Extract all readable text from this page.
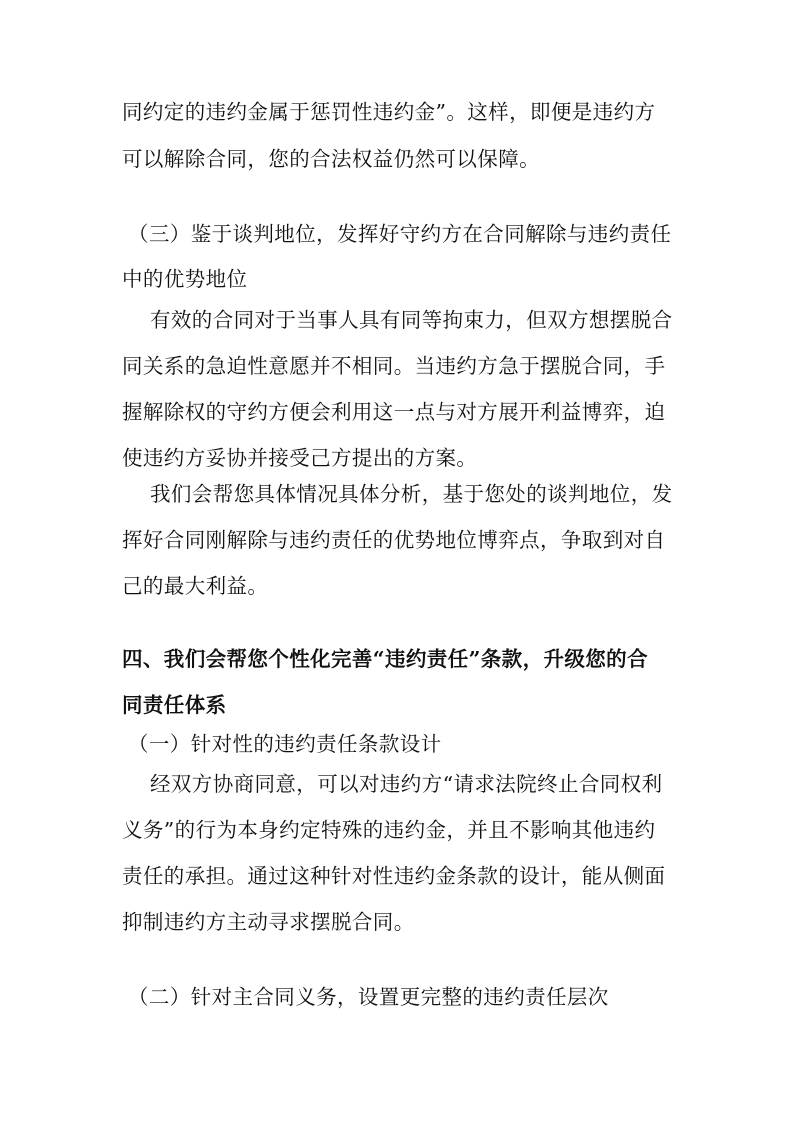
同约定的违约金属于惩罚性违约金”。这样，即便是违约方
可以解除合同，您的合法权益仍然可以保障。
（三）鉴于谈判地位，发挥好守约方在合同解除与违约责任
中的优势地位
有效的合同对于当事人具有同等拘束力，但双方想摆脱合
同关系的急迫性意愿并不相同。当违约方急于摆脱合同，手
握解除权的守约方便会利用这一点与对方展开利益博弈，迫
使违约方妥协并接受己方提出的方案。
我们会帮您具体情况具体分析，基于您处的谈判地位，发
挥好合同刚解除与违约责任的优势地位博弈点，争取到对自
己的最大利益。
四、我们会帮您个性化完善“违约责任”条款，升级您的合
同责任体系
（一）针对性的违约责任条款设计
经双方协商同意，可以对违约方“请求法院终止合同权利
义务”的行为本身约定特殊的违约金，并且不影响其他违约
责任的承担。通过这种针对性违约金条款的设计，能从侧面
抑制违约方主动寻求摆脱合同。
（二）针对主合同义务，设置更完整的违约责任层次
